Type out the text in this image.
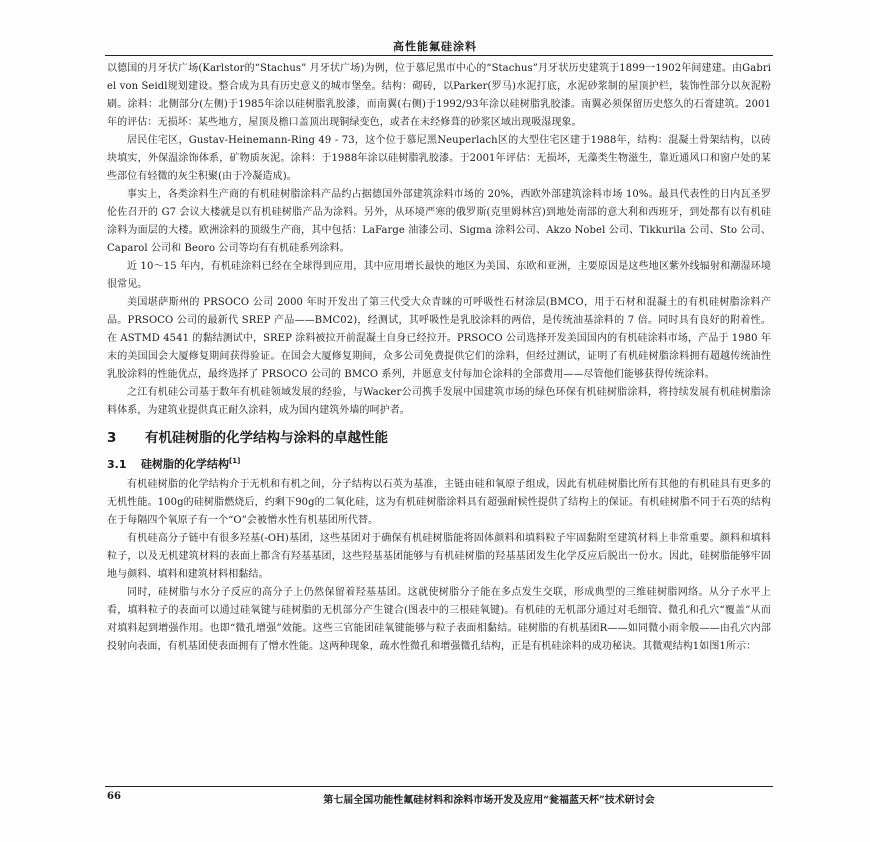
高性能氟硅涂料

以德国的月牙状广场(Karlstor的“Stachus” 月牙状广场)为例，位于慕尼黑市中心的“Stachus”月牙状历史建筑于1899一1902年间建建。由Gabriel von Seidl规划建设。整合成为具有历史意义的城市堡垒。结构：砌砖，以Parker(罗马)水泥打底，水泥砂浆制的屋顶护栏，装饰性部分以灰泥粉刷。涂料：北侧部分(左侧)于1985年涂以硅树脂乳胶漆，而南翼(右侧)于1992/93年涂以硅树脂乳胶漆。南翼必须保留历史悠久的石膏建筑。2001年的评估：无损坏：某些地方，屋顶及檐口盖顶出现铜绿变色，或者在未经修葺的砂浆区域出现吸湿现象。

居民住宅区，Gustav-Heinemann-Ring 49 - 73，这个位于慕尼黑Neuperlach区的大型住宅区建于1988年，结构：混凝土骨架结构，以砖块填实，外保温涂饰体系，矿物质灰泥。涂料：于1988年涂以硅树脂乳胶漆。于2001年评估：无损坏，无藻类生物滋生，靠近通风口和窗户处的某些部位有轻微的灰尘积聚(由于冷凝造成)。

事实上，各类涂料生产商的有机硅树脂涂料产品约占据德国外部建筑涂料市场的 20%，西欧外部建筑涂料市场 10%。最具代表性的日内瓦圣罗伦佐召开的 G7 会议大楼就是以有机硅树脂产品为涂料。另外，从环境严寒的俄罗斯(克里姆林宫)到地处南部的意大利和西班牙，到处都有以有机硅涂料为面层的大楼。欧洲涂料的顶级生产商，其中包括：LaFarge 油漆公司、Sigma 涂料公司、Akzo Nobel 公司、Tikkurila 公司、Sto 公司、Caparol 公司和 Beoro 公司等均有有机硅系列涂料。

近 10～15 年内，有机硅涂料已经在全球得到应用，其中应用增长最快的地区为美国、东欧和亚洲，主要原因是这些地区紫外线辐射和潮湿环境很常见。

美国堪萨斯州的 PRSOCO 公司 2000 年时开发出了第三代受大众青睐的可呼吸性石材涂层(BMCO，用于石材和混凝土的有机硅树脂涂料产品。PRSOCO 公司的最新代 SREP 产品——BMC02)，经测试，其呼吸性是乳胶涂料的两倍，是传统油基涂料的 7 倍。同时具有良好的附着性。在 ASTMD 4541 的黏结测试中，SREP 涂料被拉开前混凝土自身已经拉开。PRSOCO 公司选择开发美国国内的有机硅涂料市场，产品于 1980 年末的美国国会大厦修复期间获得验证。在国会大厦修复期间，众多公司免费提供它们的涂料，但经过测试，证明了有机硅树脂涂料拥有超越传统油性乳胶涂料的性能优点，最终选择了 PRSOCO 公司的 BMCO 系列，并愿意支付每加仑涂料的全部费用——尽管他们能够获得传统涂料。

之江有机硅公司基于数年有机硅领域发展的经验，与Wacker公司携手发展中国建筑市场的绿色环保有机硅树脂涂料，将持续发展有机硅树脂涂料体系，为建筑业提供真正耐久涂料，成为国内建筑外墙的呵护者。

3 有机硅树脂的化学结构与涂料的卓越性能
3.1 硅树脂的化学结构[1]

有机硅树脂的化学结构介于无机和有机之间，分子结构以石英为基准，主链由硅和氧原子组成，因此有机硅树脂比所有其他的有机硅具有更多的无机性能。100g的硅树脂燃烧后，约剩下90g的二氧化硅，这为有机硅树脂涂料具有超强耐候性提供了结构上的保证。有机硅树脂不同于石英的结构在于每隔四个氧原子有一个“O”会被憎水性有机基团所代替。

有机硅高分子链中有很多羟基(-OH)基团，这些基团对于确保有机硅树脂能将固体颜料和填料粒子牢固黏附至建筑材料上非常重要。颜料和填料粒子，以及无机建筑材料的表面上都含有羟基基团，这些羟基基团能够与有机硅树脂的羟基基团发生化学反应后脱出一份水。因此，硅树脂能够牢固地与颜料、填料和建筑材料相黏结。

同时，硅树脂与水分子反应的高分子上仍然保留着羟基基团。这就使树脂分子能在多点发生交联，形成典型的三维硅树脂网络。从分子水平上看，填料粒子的表面可以通过硅氧键与硅树脂的无机部分产生键合(图表中的三根硅氧键)。有机硅的无机部分通过对毛细管、微孔和孔穴“覆盖”从而对填料起到增强作用。也即“微孔增强”效能。这些三官能团硅氧键能够与粒子表面相黏结。硅树脂的有机基团R——如同微小雨伞般——由孔穴内部投射向表面，有机基团使表面拥有了憎水性能。这两种现象，疏水性微孔和增强微孔结构，正是有机硅涂料的成功秘诀。其微观结构1如图1所示：

66	第七届全国功能性氟硅材料和涂料市场开发及应用“瓮福蓝天杯”技术研讨会
